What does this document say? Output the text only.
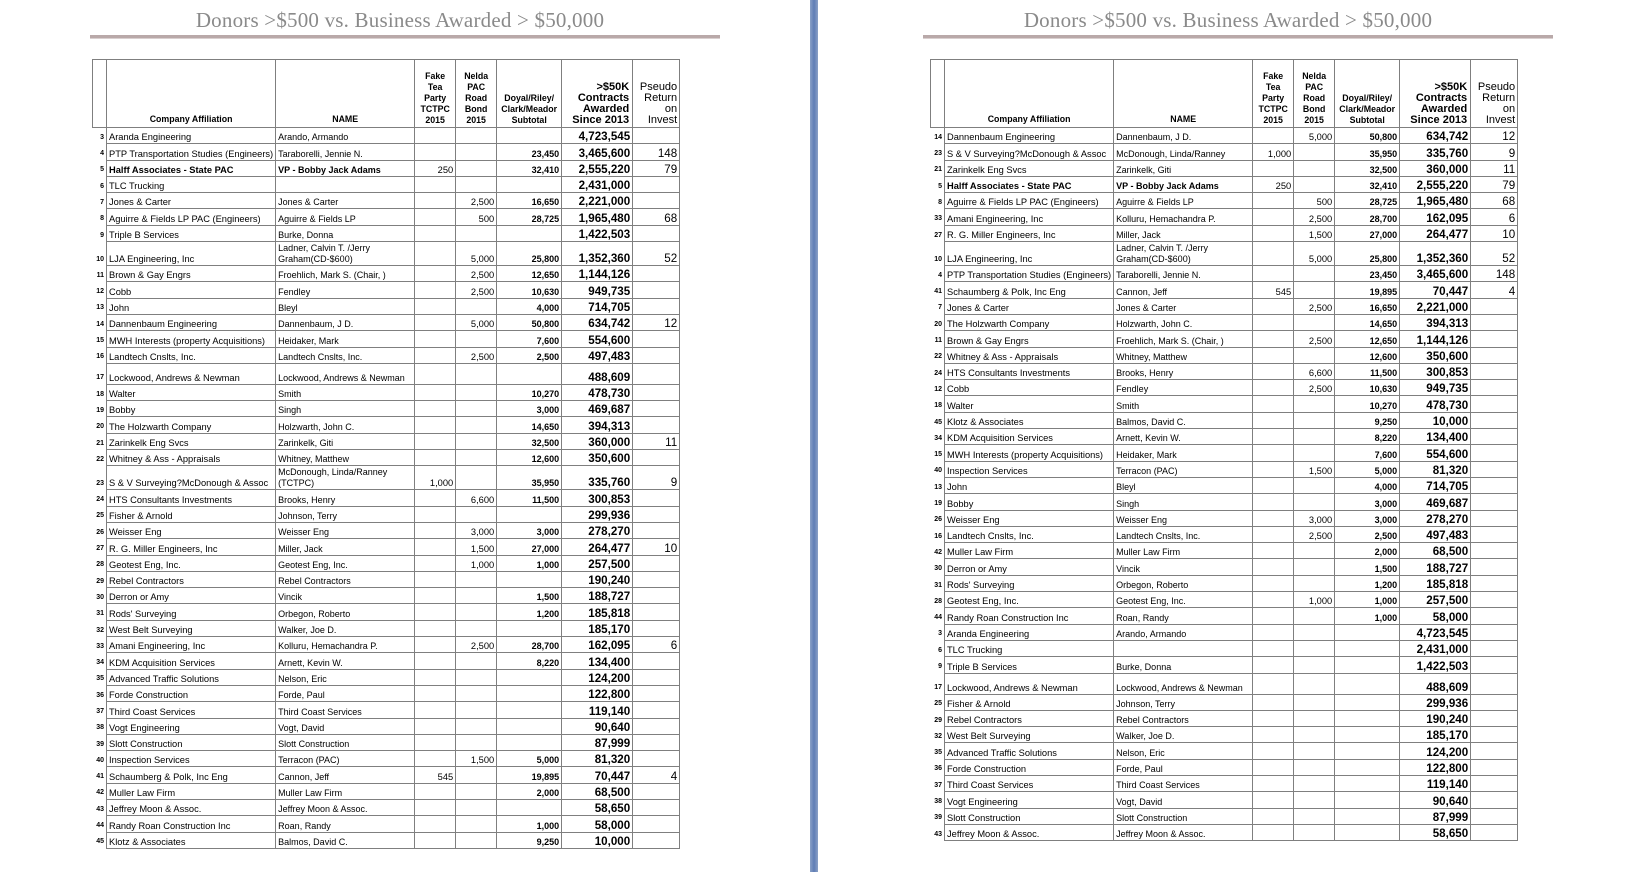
Donors >$500 vs. Business Awarded > $50,000
	Company Affiliation	NAME	Fake Tea Party TCTPC 2015	Nelda PAC Road Bond 2015	Doyal/Riley/ Clark/Meador Subtotal	>$50K Contracts Awarded Since 2013	Pseudo Return on Invest
3	Aranda Engineering	Arando, Armando				4,723,545	
4	PTP Transportation Studies (Engineers)	Taraborelli, Jennie N.			23,450	3,465,600	148
5	Halff Associates - State PAC	VP - Bobby Jack Adams	250		32,410	2,555,220	79
6	TLC Trucking					2,431,000	
7	Jones & Carter	Jones & Carter		2,500	16,650	2,221,000	
8	Aguirre & Fields LP PAC (Engineers)	Aguirre & Fields LP		500	28,725	1,965,480	68
9	Triple B Services	Burke, Donna				1,422,503	
10	LJA Engineering, Inc	Ladner, Calvin T. /Jerry Graham(CD-$600)		5,000	25,800	1,352,360	52
11	Brown & Gay Engrs	Froehlich, Mark S. (Chair, )		2,500	12,650	1,144,126	
12	Cobb	Fendley		2,500	10,630	949,735	
13	John	Bleyl			4,000	714,705	
14	Dannenbaum Engineering	Dannenbaum, J D.		5,000	50,800	634,742	12
15	MWH Interests (property Acquisitions)	Heidaker, Mark			7,600	554,600	
16	Landtech Cnslts, Inc.	Landtech Cnslts, Inc.		2,500	2,500	497,483	
17	Lockwood, Andrews & Newman	Lockwood, Andrews & Newman				488,609	
18	Walter	Smith			10,270	478,730	
19	Bobby	Singh			3,000	469,687	
20	The Holzwarth Company	Holzwarth, John C.			14,650	394,313	
21	Zarinkelk Eng Svcs	Zarinkelk, Giti			32,500	360,000	11
22	Whitney & Ass - Appraisals	Whitney, Matthew			12,600	350,600	
23	S & V Surveying?McDonough & Assoc	McDonough, Linda/Ranney (TCTPC)	1,000		35,950	335,760	9
24	HTS Consultants Investments	Brooks, Henry		6,600	11,500	300,853	
25	Fisher & Arnold	Johnson, Terry				299,936	
26	Weisser Eng	Weisser Eng		3,000	3,000	278,270	
27	R. G. Miller Engineers, Inc	Miller, Jack		1,500	27,000	264,477	10
28	Geotest Eng, Inc.	Geotest Eng, Inc.		1,000	1,000	257,500	
29	Rebel Contractors	Rebel Contractors				190,240	
30	Derron or Amy	Vincik			1,500	188,727	
31	Rods' Surveying	Orbegon, Roberto			1,200	185,818	
32	West Belt Surveying	Walker, Joe D.				185,170	
33	Amani Engineering, Inc	Kolluru, Hemachandra P.		2,500	28,700	162,095	6
34	KDM Acquisition Services	Arnett, Kevin W.			8,220	134,400	
35	Advanced Traffic Solutions	Nelson, Eric				124,200	
36	Forde Construction	Forde, Paul				122,800	
37	Third Coast Services	Third Coast Services				119,140	
38	Vogt Engineering	Vogt, David				90,640	
39	Slott Construction	Slott Construction				87,999	
40	Inspection Services	Terracon (PAC)		1,500	5,000	81,320	
41	Schaumberg & Polk, Inc Eng	Cannon, Jeff	545		19,895	70,447	4
42	Muller Law Firm	Muller Law Firm			2,000	68,500	
43	Jeffrey Moon & Assoc.	Jeffrey Moon & Assoc.				58,650	
44	Randy Roan Construction Inc	Roan, Randy			1,000	58,000	
45	Klotz & Associates	Balmos, David C.			9,250	10,000	
Donors >$500 vs. Business Awarded > $50,000
	Company Affiliation	NAME	Fake Tea Party TCTPC 2015	Nelda PAC Road Bond 2015	Doyal/Riley/ Clark/Meador Subtotal	>$50K Contracts Awarded Since 2013	Pseudo Return on Invest
14	Dannenbaum Engineering	Dannenbaum, J D.		5,000	50,800	634,742	12
23	S & V Surveying?McDonough & Assoc	McDonough, Linda/Ranney	1,000		35,950	335,760	9
21	Zarinkelk Eng Svcs	Zarinkelk, Giti			32,500	360,000	11
5	Halff Associates - State PAC	VP - Bobby Jack Adams	250		32,410	2,555,220	79
8	Aguirre & Fields LP PAC (Engineers)	Aguirre & Fields LP		500	28,725	1,965,480	68
33	Amani Engineering, Inc	Kolluru, Hemachandra P.		2,500	28,700	162,095	6
27	R. G. Miller Engineers, Inc	Miller, Jack		1,500	27,000	264,477	10
10	LJA Engineering, Inc	Ladner, Calvin T. /Jerry Graham(CD-$600)		5,000	25,800	1,352,360	52
4	PTP Transportation Studies (Engineers)	Taraborelli, Jennie N.			23,450	3,465,600	148
41	Schaumberg & Polk, Inc Eng	Cannon, Jeff	545		19,895	70,447	4
7	Jones & Carter	Jones & Carter		2,500	16,650	2,221,000	
20	The Holzwarth Company	Holzwarth, John C.			14,650	394,313	
11	Brown & Gay Engrs	Froehlich, Mark S. (Chair, )		2,500	12,650	1,144,126	
22	Whitney & Ass - Appraisals	Whitney, Matthew			12,600	350,600	
24	HTS Consultants Investments	Brooks, Henry		6,600	11,500	300,853	
12	Cobb	Fendley		2,500	10,630	949,735	
18	Walter	Smith			10,270	478,730	
45	Klotz & Associates	Balmos, David C.			9,250	10,000	
34	KDM Acquisition Services	Arnett, Kevin W.			8,220	134,400	
15	MWH Interests (property Acquisitions)	Heidaker, Mark			7,600	554,600	
40	Inspection Services	Terracon (PAC)		1,500	5,000	81,320	
13	John	Bleyl			4,000	714,705	
19	Bobby	Singh			3,000	469,687	
26	Weisser Eng	Weisser Eng		3,000	3,000	278,270	
16	Landtech Cnslts, Inc.	Landtech Cnslts, Inc.		2,500	2,500	497,483	
42	Muller Law Firm	Muller Law Firm			2,000	68,500	
30	Derron or Amy	Vincik			1,500	188,727	
31	Rods' Surveying	Orbegon, Roberto			1,200	185,818	
28	Geotest Eng, Inc.	Geotest Eng, Inc.		1,000	1,000	257,500	
44	Randy Roan Construction Inc	Roan, Randy			1,000	58,000	
3	Aranda Engineering	Arando, Armando				4,723,545	
6	TLC Trucking					2,431,000	
9	Triple B Services	Burke, Donna				1,422,503	
17	Lockwood, Andrews & Newman	Lockwood, Andrews & Newman				488,609	
25	Fisher & Arnold	Johnson, Terry				299,936	
29	Rebel Contractors	Rebel Contractors				190,240	
32	West Belt Surveying	Walker, Joe D.				185,170	
35	Advanced Traffic Solutions	Nelson, Eric				124,200	
36	Forde Construction	Forde, Paul				122,800	
37	Third Coast Services	Third Coast Services				119,140	
38	Vogt Engineering	Vogt, David				90,640	
39	Slott Construction	Slott Construction				87,999	
43	Jeffrey Moon & Assoc.	Jeffrey Moon & Assoc.				58,650	
